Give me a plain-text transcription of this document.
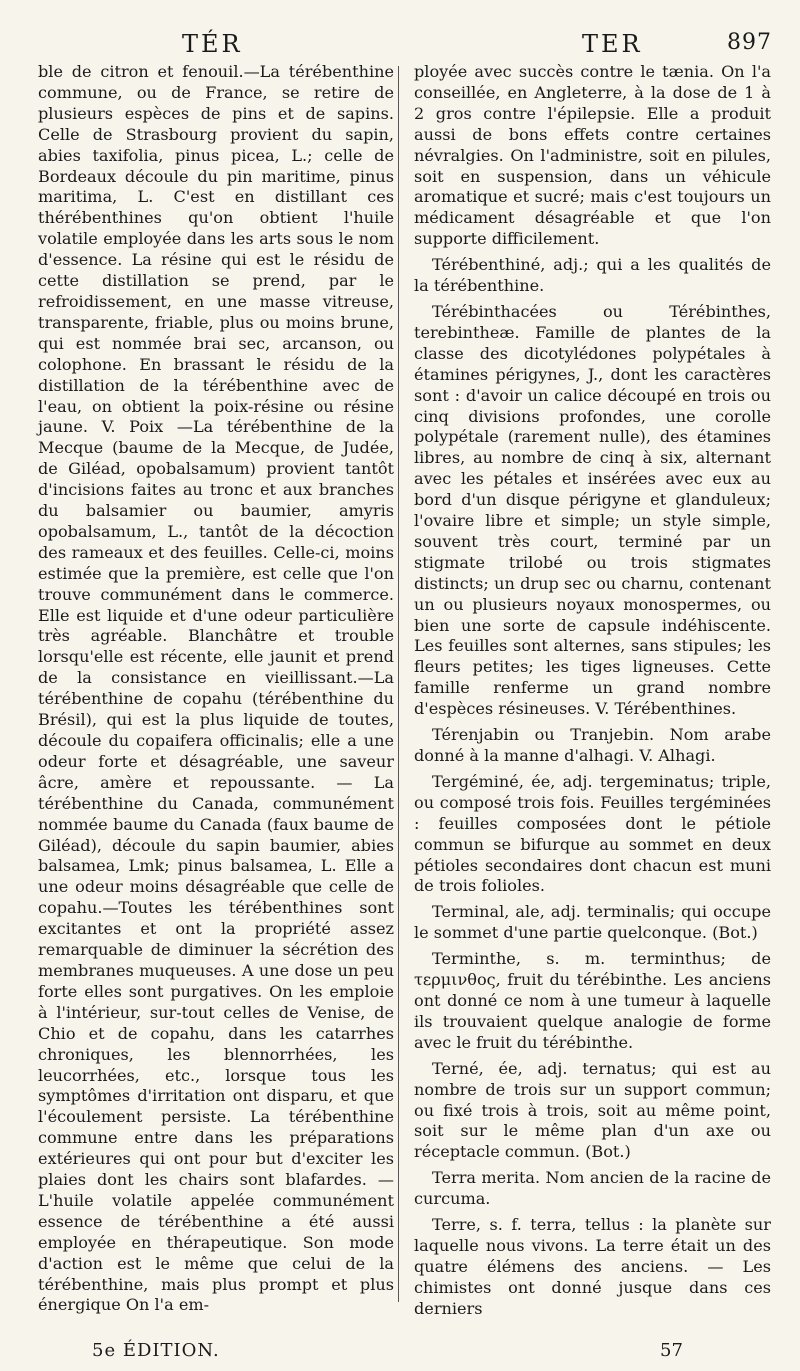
TÉR	TER	897

ble de citron et fenouil.—La térébenthine commune, ou de France, se retire de plusieurs espèces de pins et de sapins. Celle de Strasbourg provient du sapin, abies taxifolia, pinus picea, L.; celle de Bordeaux découle du pin maritime, pinus maritima, L. C'est en distillant ces thérébenthines qu'on obtient l'huile volatile employée dans les arts sous le nom d'essence. La résine qui est le résidu de cette distillation se prend, par le refroidissement, en une masse vitreuse, transparente, friable, plus ou moins brune, qui est nommée brai sec, arcanson, ou colophone. En brassant le résidu de la distillation de la térébenthine avec de l'eau, on obtient la poix-résine ou résine jaune. V. Poix —La térébenthine de la Mecque (baume de la Mecque, de Judée, de Giléad, opobalsamum) provient tantôt d'incisions faites au tronc et aux branches du balsamier ou baumier, amyris opobalsamum, L., tantôt de la décoction des rameaux et des feuilles. Celle-ci, moins estimée que la première, est celle que l'on trouve communément dans le commerce. Elle est liquide et d'une odeur particulière très agréable. Blanchâtre et trouble lorsqu'elle est récente, elle jaunit et prend de la consistance en vieillissant.—La térébenthine de copahu (térébenthine du Brésil), qui est la plus liquide de toutes, découle du copaifera officinalis; elle a une odeur forte et désagréable, une saveur âcre, amère et repoussante. — La térébenthine du Canada, communément nommée baume du Canada (faux baume de Giléad), découle du sapin baumier, abies balsamea, Lmk; pinus balsamea, L. Elle a une odeur moins désagréable que celle de copahu.—Toutes les térébenthines sont excitantes et ont la propriété assez remarquable de diminuer la sécrétion des membranes muqueuses. A une dose un peu forte elles sont purgatives. On les emploie à l'intérieur, sur-tout celles de Venise, de Chio et de copahu, dans les catarrhes chroniques, les blennorrhées, les leucorrhées, etc., lorsque tous les symptômes d'irritation ont disparu, et que l'écoulement persiste. La térébenthine commune entre dans les préparations extérieures qui ont pour but d'exciter les plaies dont les chairs sont blafardes. — L'huile volatile appelée communément essence de térébenthine a été aussi employée en thérapeutique. Son mode d'action est le même que celui de la térébenthine, mais plus prompt et plus énergique On l'a em-

ployée avec succès contre le tænia. On l'a conseillée, en Angleterre, à la dose de 1 à 2 gros contre l'épilepsie. Elle a produit aussi de bons effets contre certaines névralgies. On l'administre, soit en pilules, soit en suspension, dans un véhicule aromatique et sucré; mais c'est toujours un médicament désagréable et que l'on supporte difficilement.

Térébenthiné, adj.; qui a les qualités de la térébenthine.

Térébinthacées ou Térébinthes, terebintheæ. Famille de plantes de la classe des dicotylédones polypétales à étamines périgynes, J., dont les caractères sont : d'avoir un calice découpé en trois ou cinq divisions profondes, une corolle polypétale (rarement nulle), des étamines libres, au nombre de cinq à six, alternant avec les pétales et insérées avec eux au bord d'un disque périgyne et glanduleux; l'ovaire libre et simple; un style simple, souvent très court, terminé par un stigmate trilobé ou trois stigmates distincts; un drup sec ou charnu, contenant un ou plusieurs noyaux monospermes, ou bien une sorte de capsule indéhiscente. Les feuilles sont alternes, sans stipules; les fleurs petites; les tiges ligneuses. Cette famille renferme un grand nombre d'espèces résineuses. V. Térébenthines.

Térenjabin ou Tranjebin. Nom arabe donné à la manne d'alhagi. V. Alhagi.

Tergéminé, ée, adj. tergeminatus; triple, ou composé trois fois. Feuilles tergéminées : feuilles composées dont le pétiole commun se bifurque au sommet en deux pétioles secondaires dont chacun est muni de trois folioles.

Terminal, ale, adj. terminalis; qui occupe le sommet d'une partie quelconque. (Bot.)

Terminthe, s. m. terminthus; de τερμινθος, fruit du térébinthe. Les anciens ont donné ce nom à une tumeur à laquelle ils trouvaient quelque analogie de forme avec le fruit du térébinthe.

Terné, ée, adj. ternatus; qui est au nombre de trois sur un support commun; ou fixé trois à trois, soit au même point, soit sur le même plan d'un axe ou réceptacle commun. (Bot.)

Terra merita. Nom ancien de la racine de curcuma.

Terre, s. f. terra, tellus : la planète sur laquelle nous vivons. La terre était un des quatre élémens des anciens. — Les chimistes ont donné jusque dans ces derniers

5e ÉDITION.	57
